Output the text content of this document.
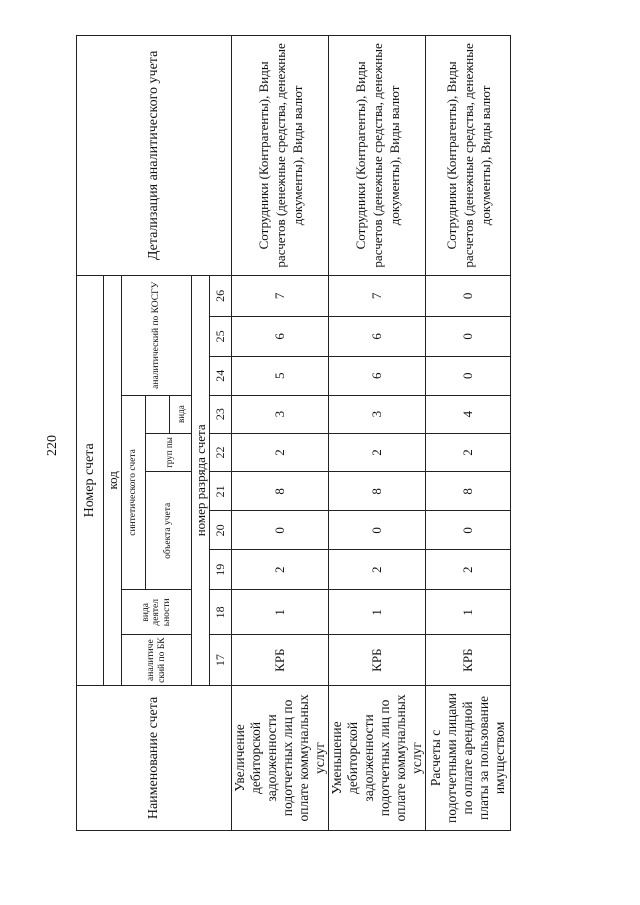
220
Наименование счета	Номер счета										Детализация аналитического учета
	код										
	аналитиче ский по БК	вида деятел ьности	синтетического счета					аналитический по КОСГУ			
			объекта учета			груп пы					
							вида				
	номер разряда счета										
	17	18	19	20	21	22	23	24	25	26	
Увеличение дебиторской задолженности подотчетных лиц по оплате коммунальных услуг	КРБ	1	2	0	8	2	3	5	6	7	Сотрудники (Контрагенты), Виды расчетов (денежные средства, денежные документы), Виды валют
Уменьшение дебиторской задолженности подотчетных лиц по оплате коммунальных услуг	КРБ	1	2	0	8	2	3	6	6	7	Сотрудники (Контрагенты), Виды расчетов (денежные средства, денежные документы), Виды валют
Расчеты с подотчетными лицами по оплате арендной платы за пользование имуществом	КРБ	1	2	0	8	2	4	0	0	0	Сотрудники (Контрагенты), Виды расчетов (денежные средства, денежные документы), Виды валют
